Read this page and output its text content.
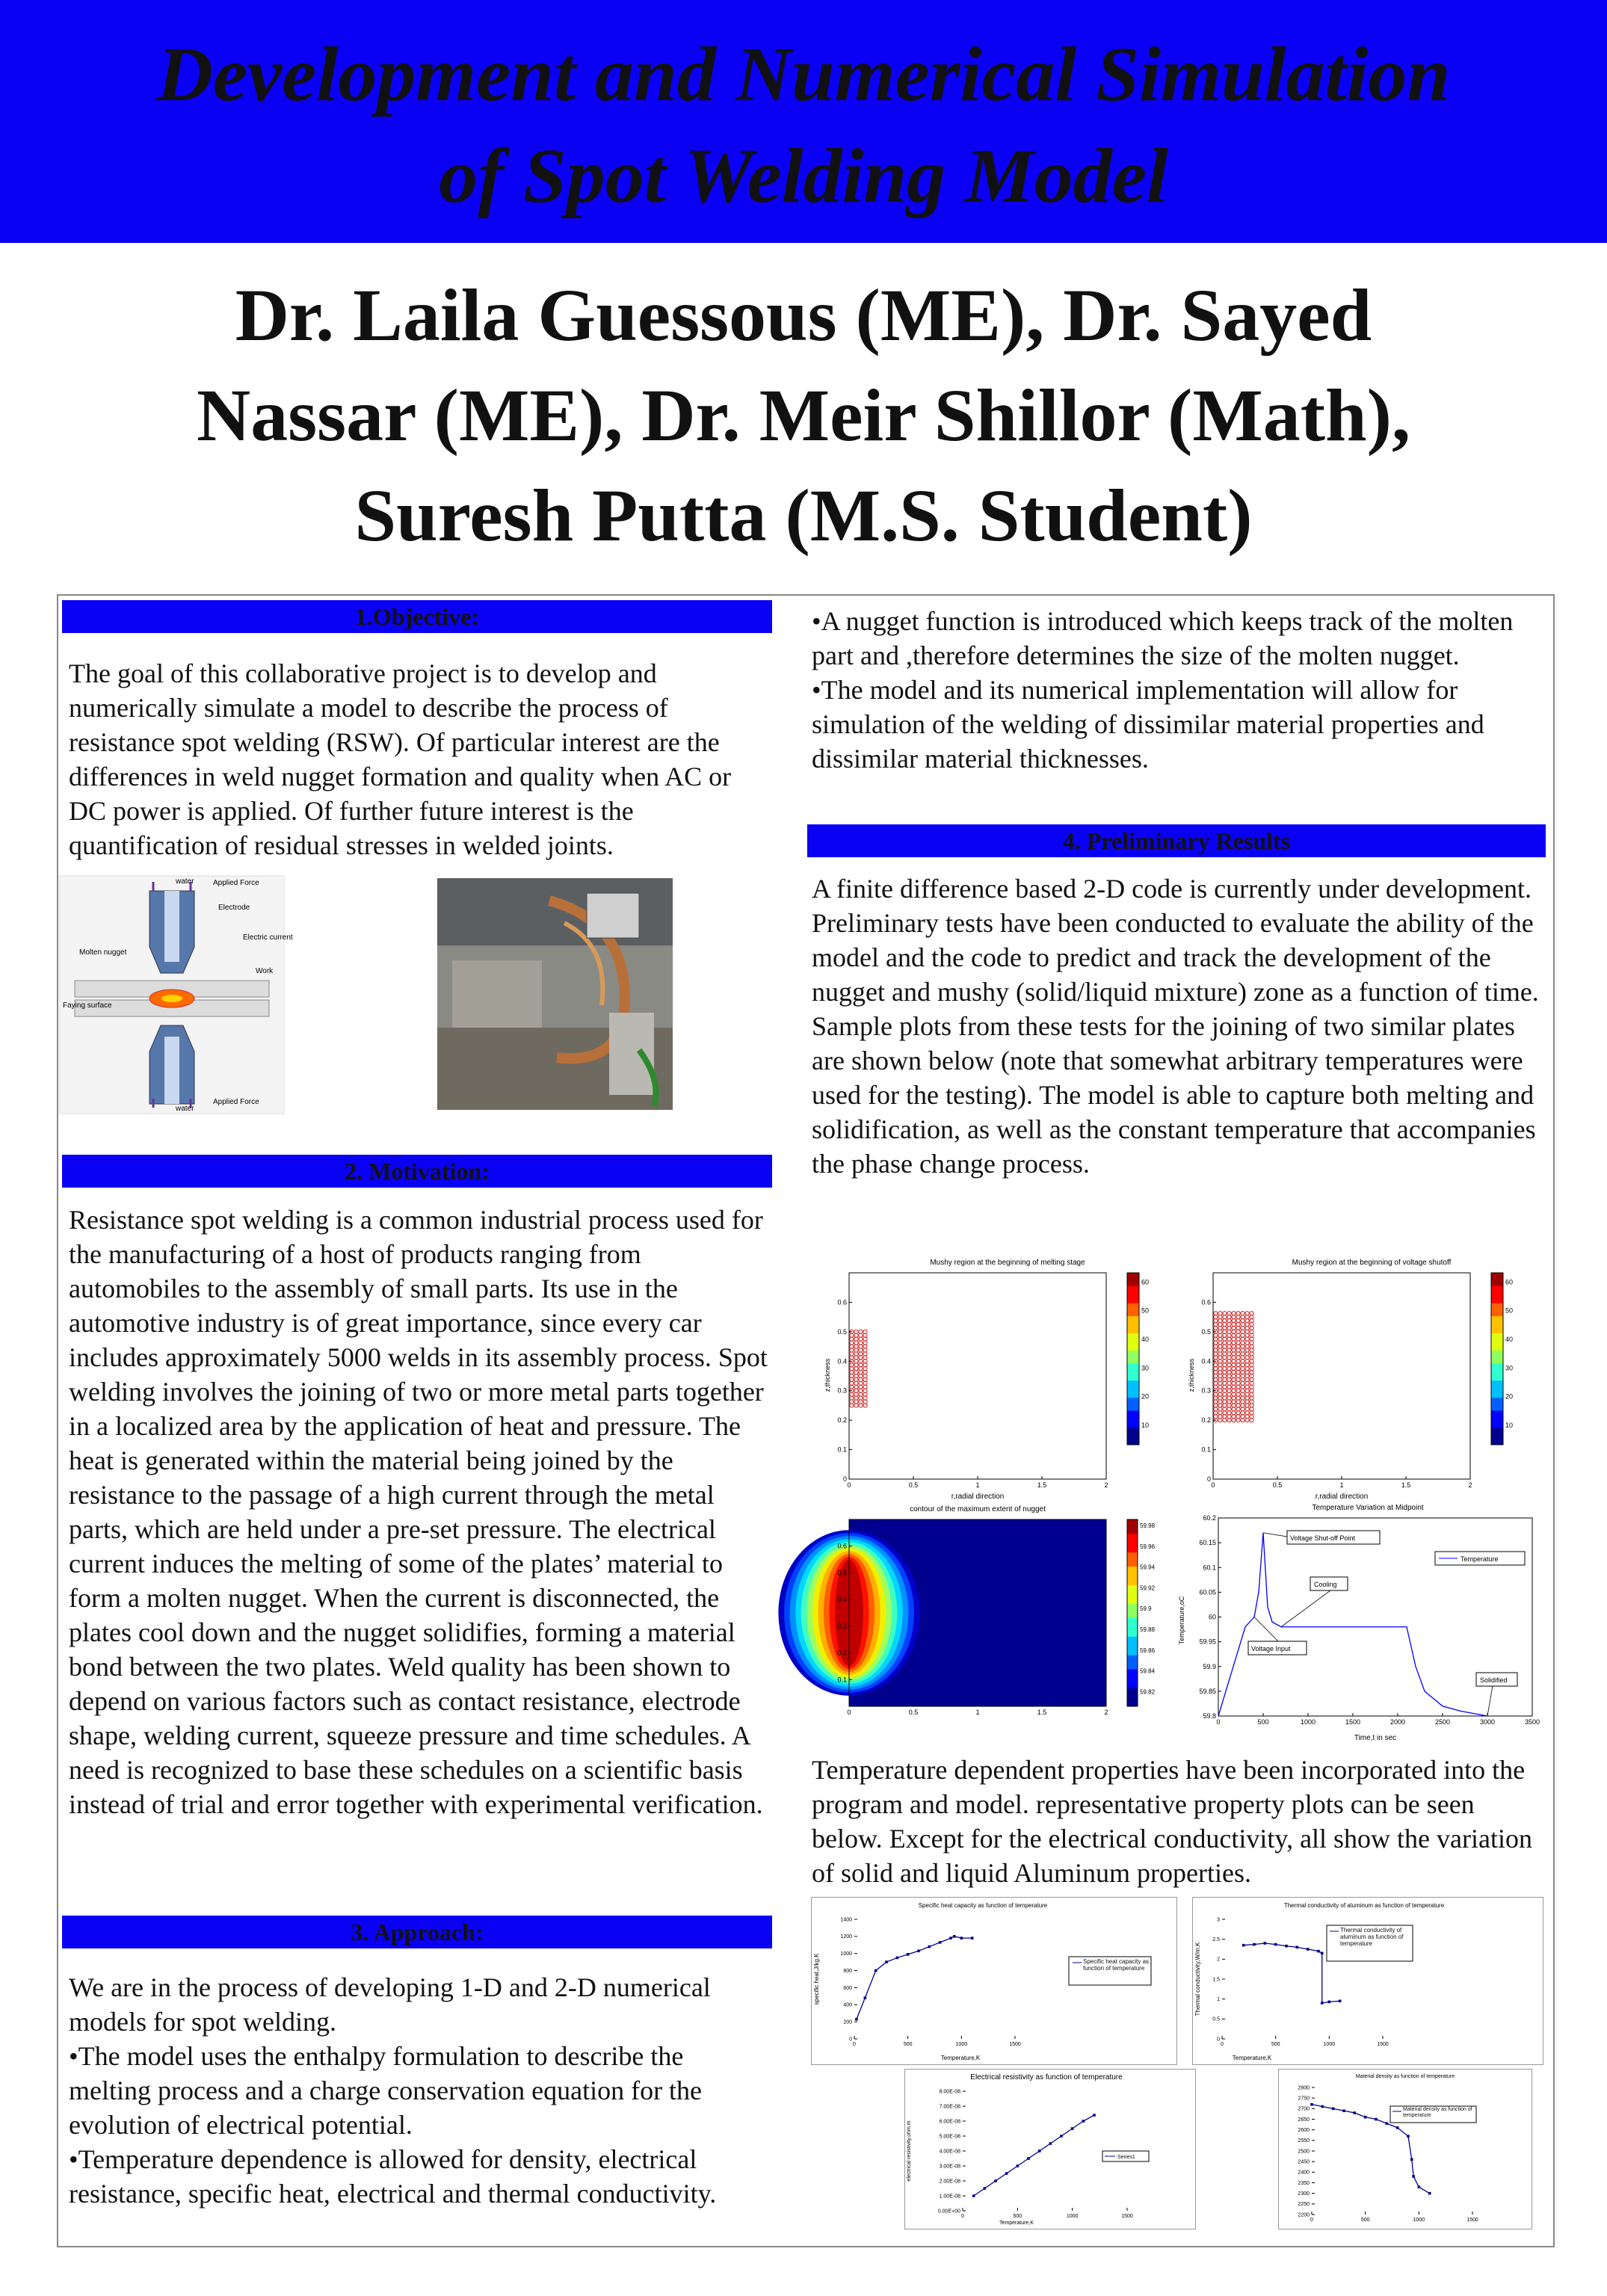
Development and Numerical Simulation
of Spot Welding Model
Dr. Laila Guessous (ME), Dr. Sayed
Nassar (ME), Dr. Meir Shillor (Math),
Suresh Putta (M.S. Student)
1.Objective:

The goal of this collaborative project is to develop and numerically simulate a model to describe the process of resistance spot welding (RSW). Of particular interest are the differences in weld nugget formation and quality when AC or DC power is applied. Of further future interest is the quantification of residual stresses in welded joints.

water	Applied Force
Electrode
Electric current
Molten nugget
Work
Faying surface
water
Applied Force
2. Motivation:

Resistance spot welding is a common industrial process used for the manufacturing of a host of products ranging from automobiles to the assembly of small parts. Its use in the automotive industry is of great importance, since every car includes approximately 5000 welds in its assembly process. Spot welding involves the joining of two or more metal parts together in a localized area by the application of heat and pressure. The heat is generated within the material being joined by the resistance to the passage of a high current through the metal parts, which are held under a pre-set pressure. The electrical current induces the melting of some of the plates’ material to form a molten nugget. When the current is disconnected, the plates cool down and the nugget solidifies, forming a material bond between the two plates. Weld quality has been shown to depend on various factors such as contact resistance, electrode shape, welding current, squeeze pressure and time schedules. A need is recognized to base these schedules on a scientific basis instead of trial and error together with experimental verification.

3. Approach:

We are in the process of developing 1-D and 2-D numerical models for spot welding.

•The model uses the enthalpy formulation to describe the melting process and a charge conservation equation for the evolution of electrical potential.

•Temperature dependence is allowed for density, electrical resistance, specific heat, electrical and thermal conductivity.

•A nugget function is introduced which keeps track of the molten part and ,therefore determines the size of the molten nugget.

•The model and its numerical implementation will allow for simulation of the welding of dissimilar material properties and dissimilar material thicknesses.

4. Preliminary Results

A finite difference based 2-D code is currently under development. Preliminary tests have been conducted to evaluate the ability of the model and the code to predict and track the development of the nugget and mushy (solid/liquid mixture) zone as a function of time. Sample plots from these tests for the joining of two similar plates are shown below (note that somewhat arbitrary temperatures were used for the testing). The model is able to capture both melting and solidification, as well as the constant temperature that accompanies the phase change process.

Mushy region at the beginning of melting stage
0	0.5	1	1.5	2
0
0.1
0.2
0.3
0.4
0.5
0.6
r,radial direction
z,thickness
10
20
30
40
50
60
Mushy region at the beginning of voltage shutoff
0	0.5	1	1.5	2
0
0.1
0.2
0.3
0.4
0.5
0.6
r,radial direction
z,thickness
10
20
30
40
50
60
contour of the maximum extent of nugget
0	0.5	1	1.5	2
0.1
0.2
0.3
0.4
0.5
0.6
59.82
59.84
59.86
59.88
59.9
59.92
59.94
59.96
59.98
Temperature Variation at Midpoint
0	500	1000	1500	2000	2500	3000	3500
59.8
59.85
59.9
59.95
60
60.05
60.1
60.15
60.2
Temperature
Voltage Shut-off Point
Cooling
Voltage Input
Solidified
Time,t in sec
Temperature,oC

Temperature dependent properties have been incorporated into the program and model. representative property plots can be seen below. Except for the electrical conductivity, all show the variation of solid and liquid Aluminum properties.

Specific heat capacity as function of temperature
0	500	1000	1500
0
200
400
600
800
1000
1200
1400
Specific heat capacity as function of temperature
Temperature,K
specific heat,J/kg.K
Thermal conductivity of aluminum as function of temperature
0	500	1000	1500
0
0.5
1
1.5
2
2.5
3
Thermal conductivity of aluminum as function of temperature
Temperature,K
Thermal conductivity,W/m.K
Electrical resistivity as function of temperature
0	500	1000	1500
0.00E+00
1.00E-08
2.00E-08
3.00E-08
4.00E-08
5.00E-08
6.00E-08
7.00E-08
8.00E-08
Series1
Temperature,K
electrical resistivity,ohm.m
Material density as function of temperature
0	500	1000	1500
2200
2250
2300
2350
2400
2450
2500
2550
2600
2650
2700
2750
2800
Material density as function of temperature
